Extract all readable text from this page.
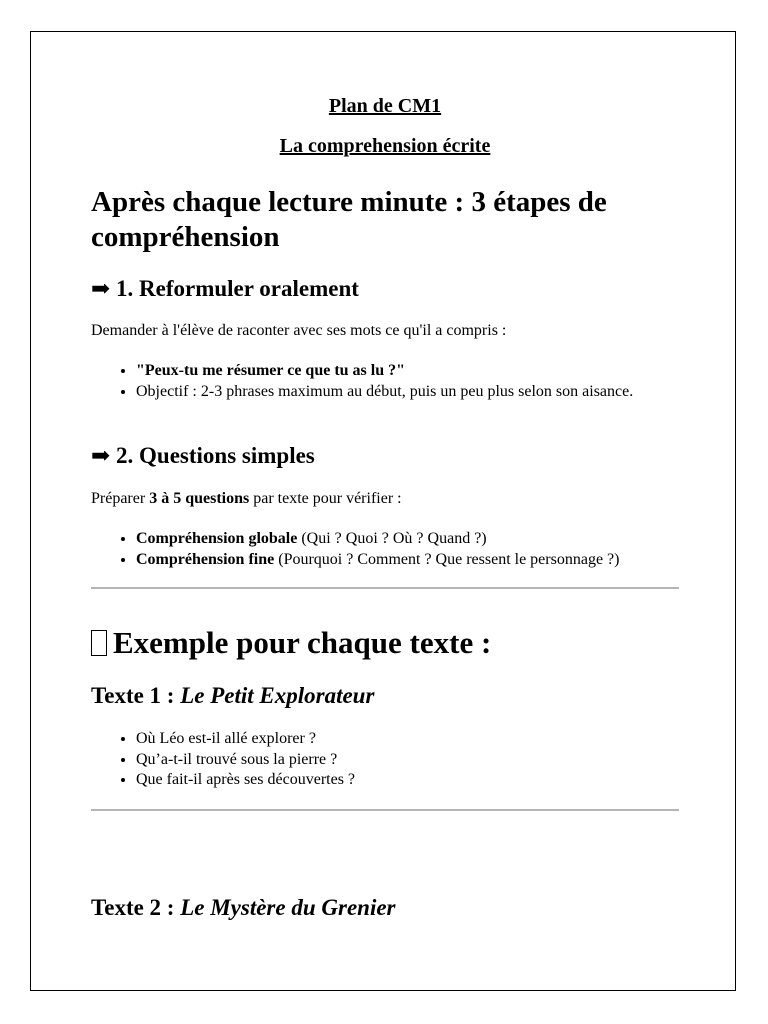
Plan de CM1

La comprehension écrite

Après chaque lecture minute : 3 étapes de compréhension

➡ 1. Reformuler oralement

Demander à l'élève de raconter avec ses mots ce qu'il a compris :

• "Peux-tu me résumer ce que tu as lu ?"
• Objectif : 2-3 phrases maximum au début, puis un peu plus selon son aisance.

➡ 2. Questions simples

Préparer 3 à 5 questions par texte pour vérifier :

• Compréhension globale (Qui ? Quoi ? Où ? Quand ?)
• Compréhension fine (Pourquoi ? Comment ? Que ressent le personnage ?)

Exemple pour chaque texte :

Texte 1 : Le Petit Explorateur

• Où Léo est-il allé explorer ?
• Qu’a-t-il trouvé sous la pierre ?
• Que fait-il après ses découvertes ?

Texte 2 : Le Mystère du Grenier
